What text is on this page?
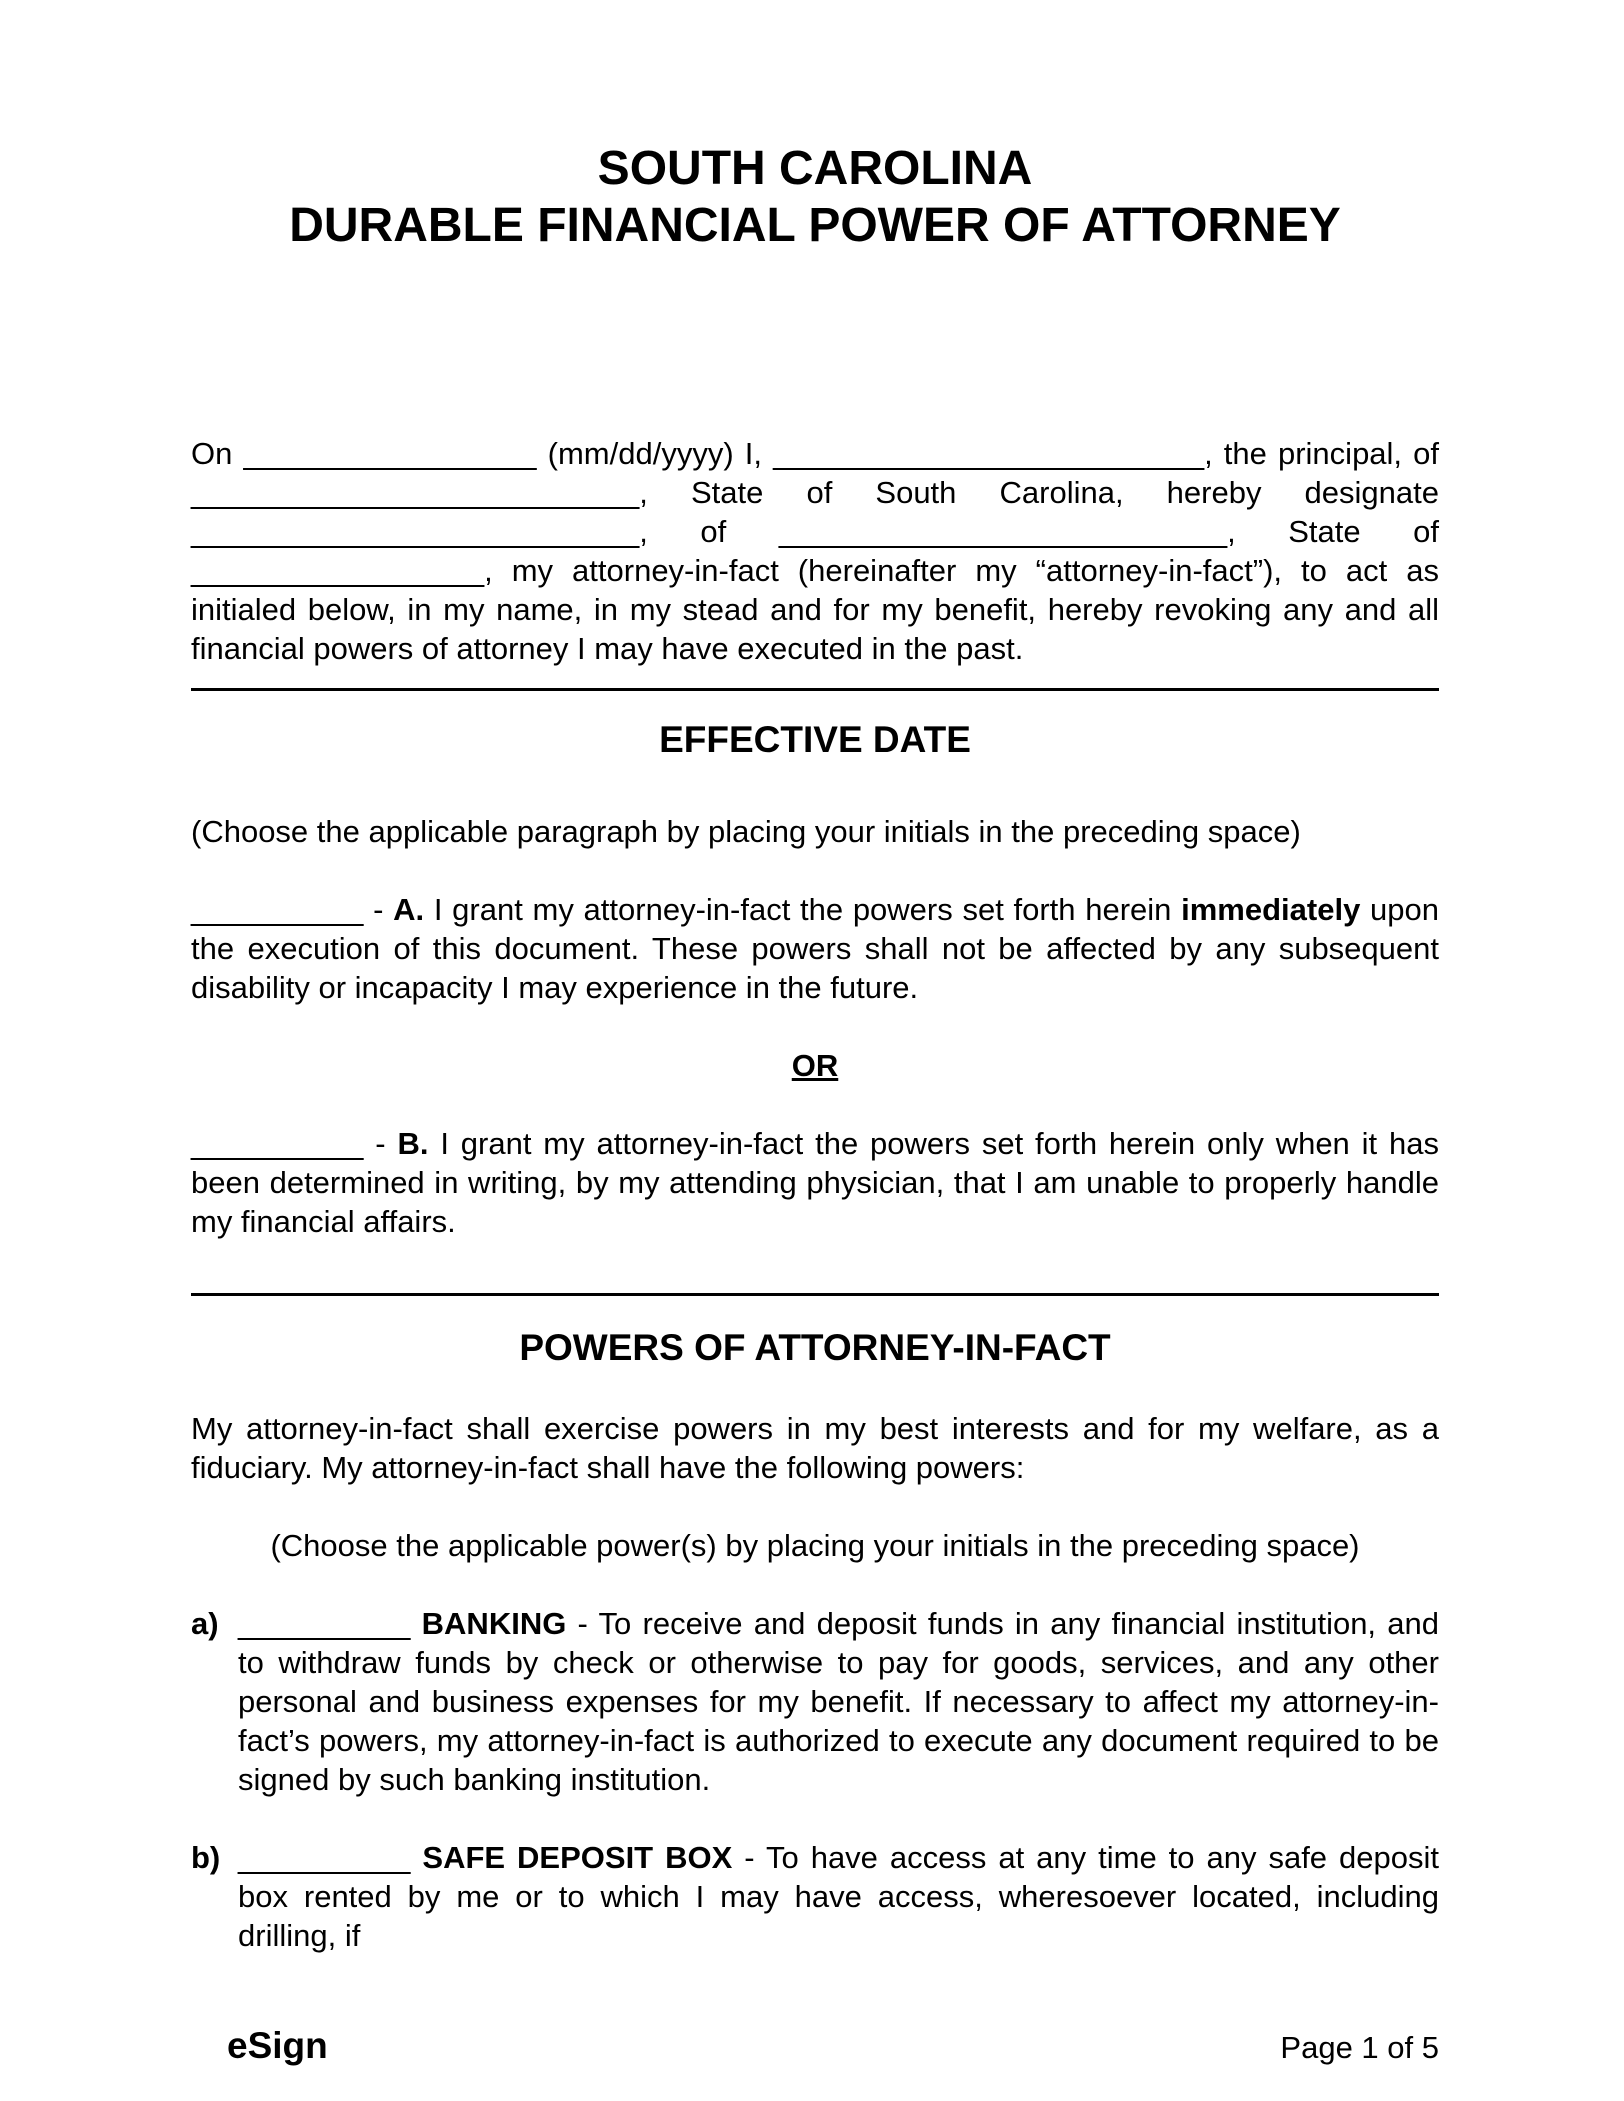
SOUTH CAROLINA
DURABLE FINANCIAL POWER OF ATTORNEY

On _________________ (mm/dd/yyyy) I, _________________________, the principal, of __________________________, State of South Carolina, hereby designate __________________________, of __________________________, State of _________________, my attorney-in-fact (hereinafter my “attorney-in-fact”), to act as initialed below, in my name, in my stead and for my benefit, hereby revoking any and all financial powers of attorney I may have executed in the past.

EFFECTIVE DATE

(Choose the applicable paragraph by placing your initials in the preceding space)

__________ - A. I grant my attorney-in-fact the powers set forth herein immediately upon the execution of this document. These powers shall not be affected by any subsequent disability or incapacity I may experience in the future.

OR

__________ - B. I grant my attorney-in-fact the powers set forth herein only when it has been determined in writing, by my attending physician, that I am unable to properly handle my financial affairs.

POWERS OF ATTORNEY-IN-FACT

My attorney-in-fact shall exercise powers in my best interests and for my welfare, as a fiduciary. My attorney-in-fact shall have the following powers:

(Choose the applicable power(s) by placing your initials in the preceding space)

a) __________ BANKING - To receive and deposit funds in any financial institution, and to withdraw funds by check or otherwise to pay for goods, services, and any other personal and business expenses for my benefit. If necessary to affect my attorney-in-fact’s powers, my attorney-in-fact is authorized to execute any document required to be signed by such banking institution.
b) __________ SAFE DEPOSIT BOX - To have access at any time to any safe deposit box rented by me or to which I may have access, wheresoever located, including drilling, if
eSign	Page 1 of 5
